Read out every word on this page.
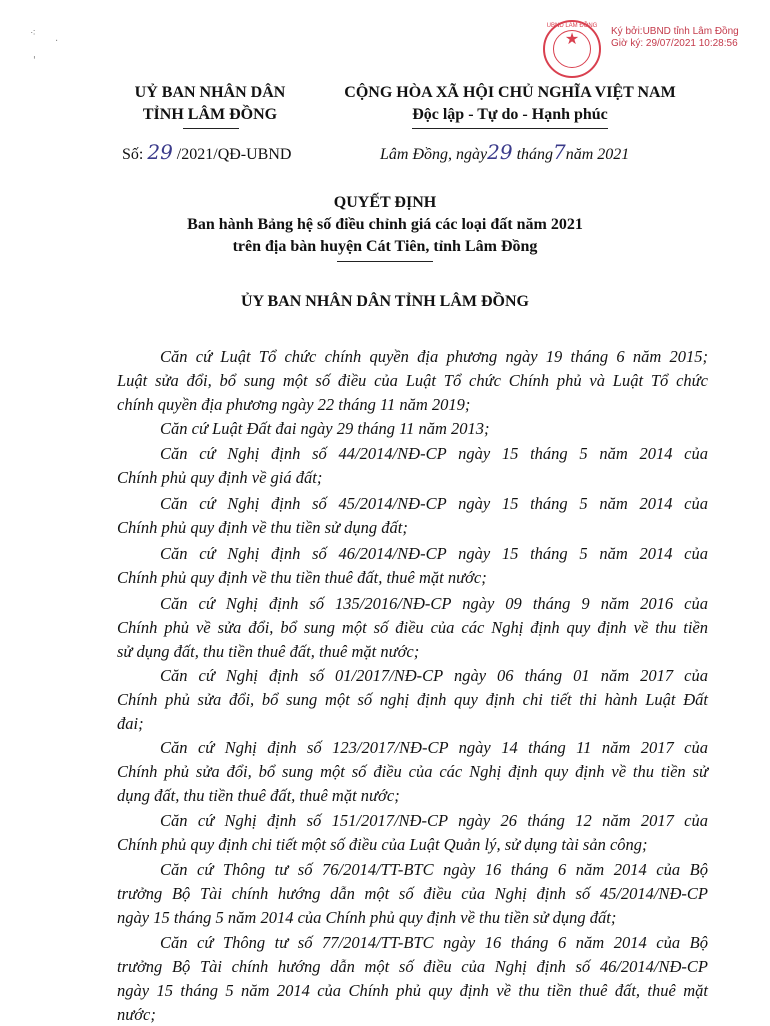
⁖
·
'
UBND LÂM ĐỒNG
★	Ký bởi:UBND tỉnh Lâm Đồng
Giờ ký: 29/07/2021 10:28:56
UỶ BAN NHÂN DÂN
TỈNH LÂM ĐỒNG
Số: 29 /2021/QĐ-UBND
CỘNG HÒA XÃ HỘI CHỦ NGHĨA VIỆT NAM
Độc lập - Tự do - Hạnh phúc
Lâm Đồng, ngày29 tháng7năm 2021
QUYẾT ĐỊNH
Ban hành Bảng hệ số điều chỉnh giá các loại đất năm 2021
trên địa bàn huyện Cát Tiên, tỉnh Lâm Đồng
ỦY BAN NHÂN DÂN TỈNH LÂM ĐỒNG
Căn cứ Luật Tổ chức chính quyền địa phương ngày 19 tháng 6 năm 2015;
Luật sửa đổi, bổ sung một số điều của Luật Tổ chức Chính phủ và Luật Tổ chức
chính quyền địa phương ngày 22 tháng 11 năm 2019;
Căn cứ Luật Đất đai ngày 29 tháng 11 năm 2013;
Căn cứ Nghị định số 44/2014/NĐ-CP ngày 15 tháng 5 năm 2014 của
Chính phủ quy định về giá đất;
Căn cứ Nghị định số 45/2014/NĐ-CP ngày 15 tháng 5 năm 2014 của
Chính phủ quy định về thu tiền sử dụng đất;
Căn cứ Nghị định số 46/2014/NĐ-CP ngày 15 tháng 5 năm 2014 của
Chính phủ quy định về thu tiền thuê đất, thuê mặt nước;
Căn cứ Nghị định số 135/2016/NĐ-CP ngày 09 tháng 9 năm 2016 của
Chính phủ về sửa đổi, bổ sung một số điều của các Nghị định quy định về thu tiền
sử dụng đất, thu tiền thuê đất, thuê mặt nước;
Căn cứ Nghị định số 01/2017/NĐ-CP ngày 06 tháng 01 năm 2017 của
Chính phủ sửa đổi, bổ sung một số nghị định quy định chi tiết thi hành Luật Đất
đai;
Căn cứ Nghị định số 123/2017/NĐ-CP ngày 14 tháng 11 năm 2017 của
Chính phủ sửa đổi, bổ sung một số điều của các Nghị định quy định về thu tiền sử
dụng đất, thu tiền thuê đất, thuê mặt nước;
Căn cứ Nghị định số 151/2017/NĐ-CP ngày 26 tháng 12 năm 2017 của
Chính phủ quy định chi tiết một số điều của Luật Quản lý, sử dụng tài sản công;
Căn cứ Thông tư số 76/2014/TT-BTC ngày 16 tháng 6 năm 2014 của Bộ
trưởng Bộ Tài chính hướng dẫn một số điều của Nghị định số 45/2014/NĐ-CP
ngày 15 tháng 5 năm 2014 của Chính phủ quy định về thu tiền sử dụng đất;
Căn cứ Thông tư số 77/2014/TT-BTC ngày 16 tháng 6 năm 2014 của Bộ
trưởng Bộ Tài chính hướng dẫn một số điều của Nghị định số 46/2014/NĐ-CP
ngày 15 tháng 5 năm 2014 của Chính phủ quy định về thu tiền thuê đất, thuê mặt
nước;
